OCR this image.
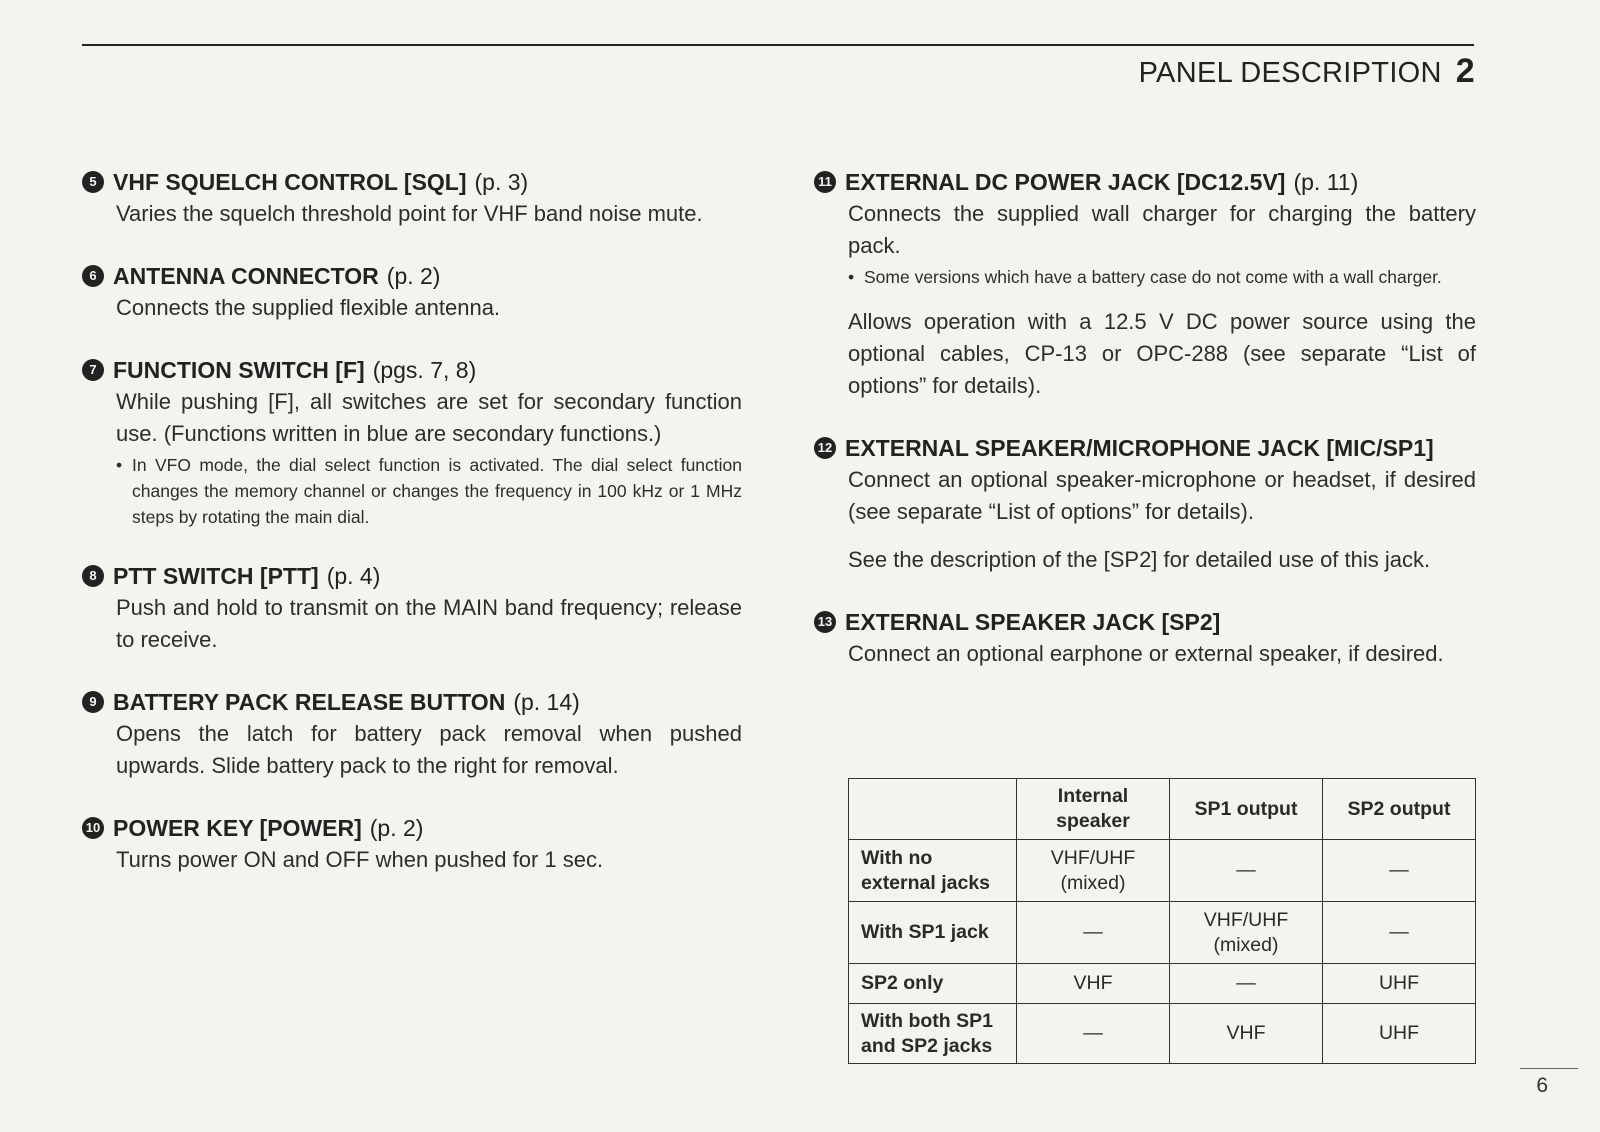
PANEL DESCRIPTION 2
5 VHF SQUELCH CONTROL [SQL] (p. 3)

Varies the squelch threshold point for VHF band noise mute.

6 ANTENNA CONNECTOR (p. 2)

Connects the supplied flexible antenna.

7 FUNCTION SWITCH [F] (pgs. 7, 8)

While pushing [F], all switches are set for secondary function use. (Functions written in blue are secondary functions.)

• In VFO mode, the dial select function is activated. The dial select function changes the memory channel or changes the frequency in 100 kHz or 1 MHz steps by rotating the main dial.
8 PTT SWITCH [PTT] (p. 4)

Push and hold to transmit on the MAIN band frequency; release to receive.

9 BATTERY PACK RELEASE BUTTON (p. 14)

Opens the latch for battery pack removal when pushed upwards. Slide battery pack to the right for removal.

10 POWER KEY [POWER] (p. 2)

Turns power ON and OFF when pushed for 1 sec.

11 EXTERNAL DC POWER JACK [DC12.5V] (p. 11)

Connects the supplied wall charger for charging the battery pack.

• Some versions which have a battery case do not come with a wall charger.

Allows operation with a 12.5 V DC power source using the optional cables, CP-13 or OPC-288 (see separate “List of options” for details).

12 EXTERNAL SPEAKER/MICROPHONE JACK [MIC/SP1]

Connect an optional speaker-microphone or headset, if desired (see separate “List of options” for details).

See the description of the [SP2] for detailed use of this jack.

13 EXTERNAL SPEAKER JACK [SP2]

Connect an optional earphone or external speaker, if desired.

	Internal speaker	SP1 output	SP2 output
With no external jacks	VHF/UHF (mixed)	—	—
With SP1 jack	—	VHF/UHF (mixed)	—
SP2 only	VHF	—	UHF
With both SP1 and SP2 jacks	—	VHF	UHF
6
